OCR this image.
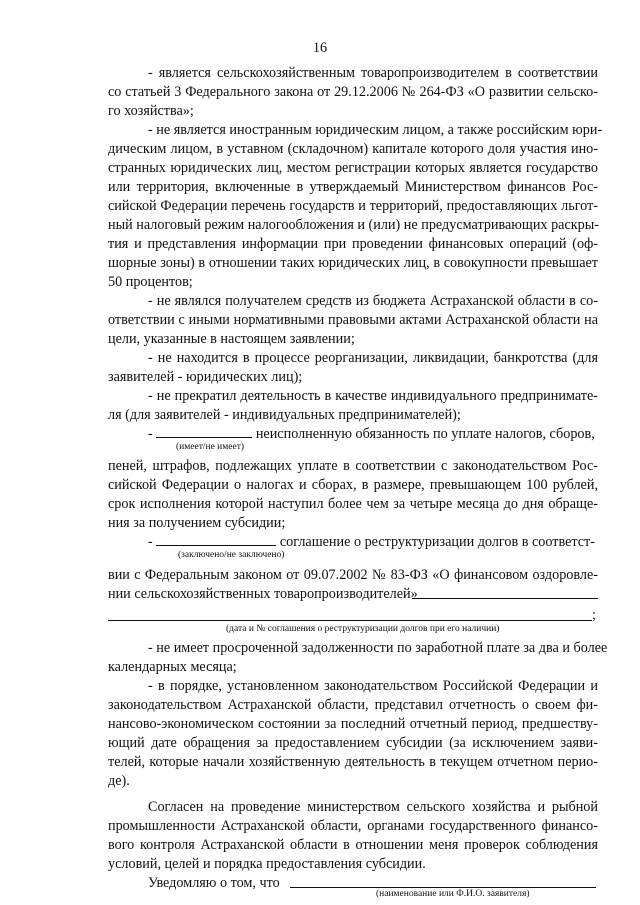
16
- является сельскохозяйственным товаропроизводителем в соответствии
со статьей 3 Федерального закона от 29.12.2006 № 264-ФЗ «О развитии сельско-
го хозяйства»;
- не является иностранным юридическим лицом, а также российским юри-
дическим лицом, в уставном (складочном) капитале которого доля участия ино-
странных юридических лиц, местом регистрации которых является государство
или территория, включенные в утверждаемый Министерством финансов Рос-
сийской Федерации перечень государств и территорий, предоставляющих льгот-
ный налоговый режим налогообложения и (или) не предусматривающих раскры-
тия и представления информации при проведении финансовых операций (оф-
шорные зоны) в отношении таких юридических лиц, в совокупности превышает
50 процентов;
- не являлся получателем средств из бюджета Астраханской области в со-
ответствии с иными нормативными правовыми актами Астраханской области на
цели, указанные в настоящем заявлении;
- не находится в процессе реорганизации, ликвидации, банкротства (для
заявителей - юридических лиц);
- не прекратил деятельность в качестве индивидуального предпринимате-
ля (для заявителей - индивидуальных предпринимателей);
-	неисполненную обязанность по уплате налогов, сборов,
(имеет/не имеет)
пеней, штрафов, подлежащих уплате в соответствии с законодательством Рос-
сийской Федерации о налогах и сборах, в размере, превышающем 100 рублей,
срок исполнения которой наступил более чем за четыре месяца до дня обраще-
ния за получением субсидии;
-	соглашение о реструктуризации долгов в соответст-
(заключено/не заключено)
вии с Федеральным законом от 09.07.2002 № 83-ФЗ «О финансовом оздоровле-
нии сельскохозяйственных товаропроизводителей»
;
(дата и № соглашения о реструктуризации долгов при его наличии)
- не имеет просроченной задолженности по заработной плате за два и более
календарных месяца;
- в порядке, установленном законодательством Российской Федерации и
законодательством Астраханской области, представил отчетность о своем фи-
нансово-экономическом состоянии за последний отчетный период, предшеству-
ющий дате обращения за предоставлением субсидии (за исключением заяви-
телей, которые начали хозяйственную деятельность в текущем отчетном перио-
де).
Согласен на проведение министерством сельского хозяйства и рыбной
промышленности Астраханской области, органами государственного финансо-
вого контроля Астраханской области в отношении меня проверок соблюдения
условий, целей и порядка предоставления субсидии.
Уведомляю о том, что
(наименование или Ф.И.О. заявителя)
